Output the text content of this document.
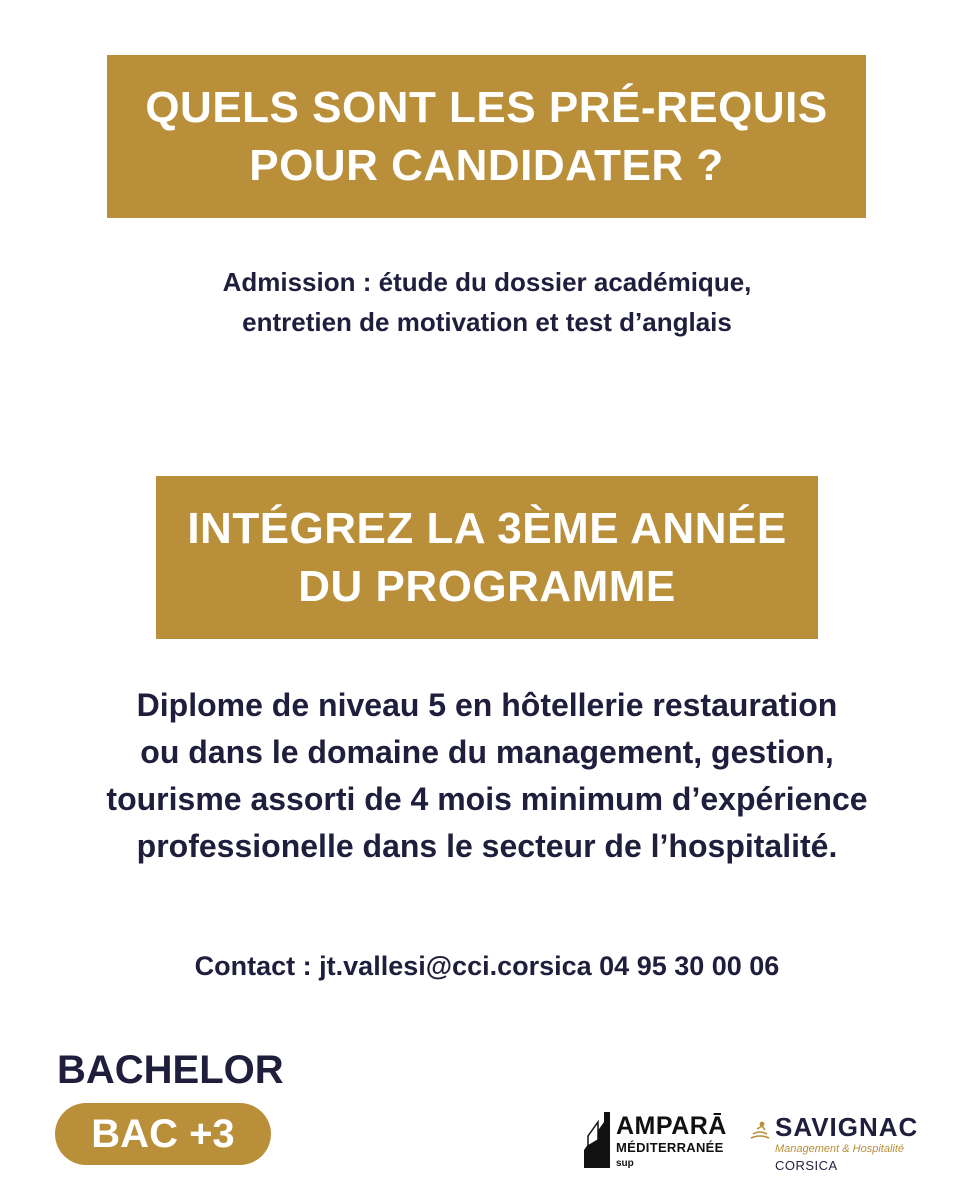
QUELS SONT LES PRÉ-REQUIS
POUR CANDIDATER ?
Admission : étude du dossier académique,
entretien de motivation et test d’anglais
INTÉGREZ LA 3ÈME ANNÉE
DU PROGRAMME
Diplome de niveau 5 en hôtellerie restauration
ou dans le domaine du management, gestion,
tourisme assorti de 4 mois minimum d’expérience
professionelle dans le secteur de l’hospitalité.
Contact : jt.vallesi@cci.corsica 04 95 30 00 06
BACHELOR
BAC +3	AMPARĀ
MÉDITERRANÉE
sup
SAVIGNAC
Management & Hospitalité
CORSICA
